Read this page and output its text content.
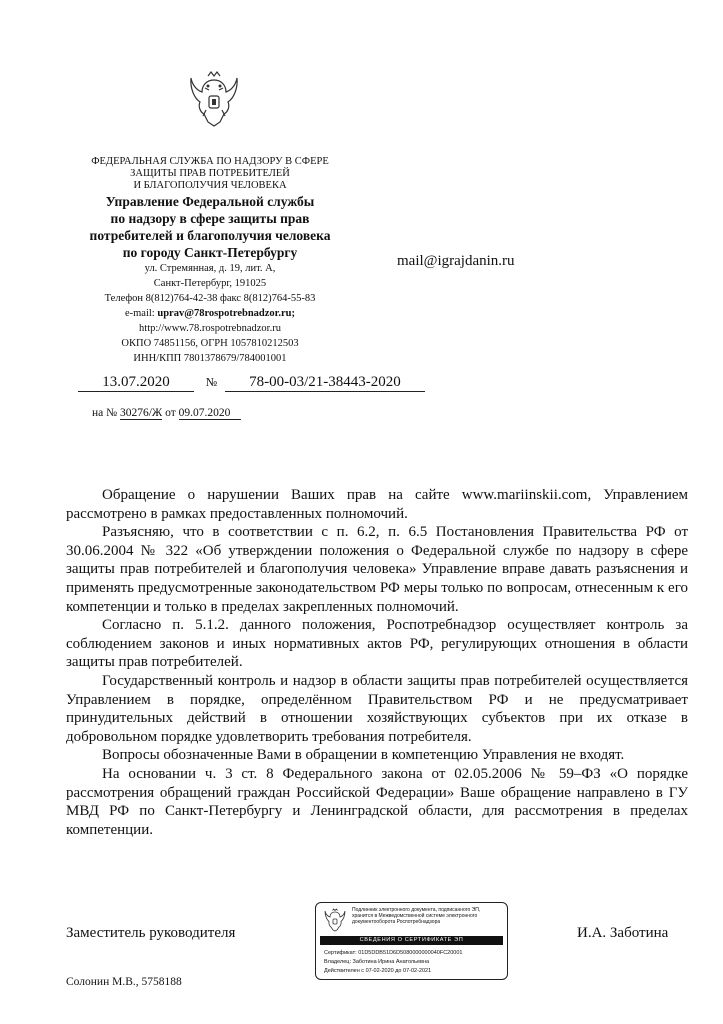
ФЕДЕРАЛЬНАЯ СЛУЖБА ПО НАДЗОРУ В СФЕРЕ
ЗАЩИТЫ ПРАВ ПОТРЕБИТЕЛЕЙ
И БЛАГОПОЛУЧИЯ ЧЕЛОВЕКА
Управление Федеральной службы
по надзору в сфере защиты прав
потребителей и благополучия человека
по городу Санкт-Петербургу
ул. Стремянная, д. 19, лит. А,
Санкт-Петербург, 191025
Телефон 8(812)764-42-38 факс 8(812)764-55-83
e-mail: uprav@78rospotrebnadzor.ru;
http://www.78.rospotrebnadzor.ru
ОКПО 74851156, ОГРН 1057810212503
ИНН/КПП 7801378679/784001001
mail@igrajdanin.ru
13.07.2020	№ 78-00-03/21-38443-2020
на № 30276/Ж от 09.07.2020

Обращение о нарушении Ваших прав на сайте www.mariinskii.com, Управлением рассмотрено в рамках предоставленных полномочий.

Разъясняю, что в соответствии с п. 6.2, п. 6.5 Постановления Правительства РФ от 30.06.2004 № 322 «Об утверждении положения о Федеральной службе по надзору в сфере защиты прав потребителей и благополучия человека» Управление вправе давать разъяснения и применять предусмотренные законодательством РФ меры только по вопросам, отнесенным к его компетенции и только в пределах закрепленных полномочий.

Согласно п. 5.1.2. данного положения, Роспотребнадзор осуществляет контроль за соблюдением законов и иных нормативных актов РФ, регулирующих отношения в области защиты прав потребителей.

Государственный контроль и надзор в области защиты прав потребителей осуществляется Управлением в порядке, определённом Правительством РФ и не предусматривает принудительных действий в отношении хозяйствующих субъектов при их отказе в добровольном порядке удовлетворить требования потребителя.

Вопросы обозначенные Вами в обращении в компетенцию Управления не входят.

На основании ч. 3 ст. 8 Федерального закона от 02.05.2006 № 59–ФЗ «О порядке рассмотрения обращений граждан Российской Федерации» Ваше обращение направлено в ГУ МВД РФ по Санкт-Петербургу и Ленинградской области, для рассмотрения в пределах компетенции.

Заместитель руководителя	И.А. Заботина
Подлинник электронного документа, подписанного ЭП, хранится в Межведомственной системе электронного документооборота Роспотребнадзора
СВЕДЕНИЯ О СЕРТИФИКАТЕ ЭП
Сертификат: 01D5DDB51D6D5080000000040FC20001
Владелец: Заботина Ирина Анатольевна
Действителен с 07-02-2020 до 07-02-2021
Солонин М.В., 5758188
